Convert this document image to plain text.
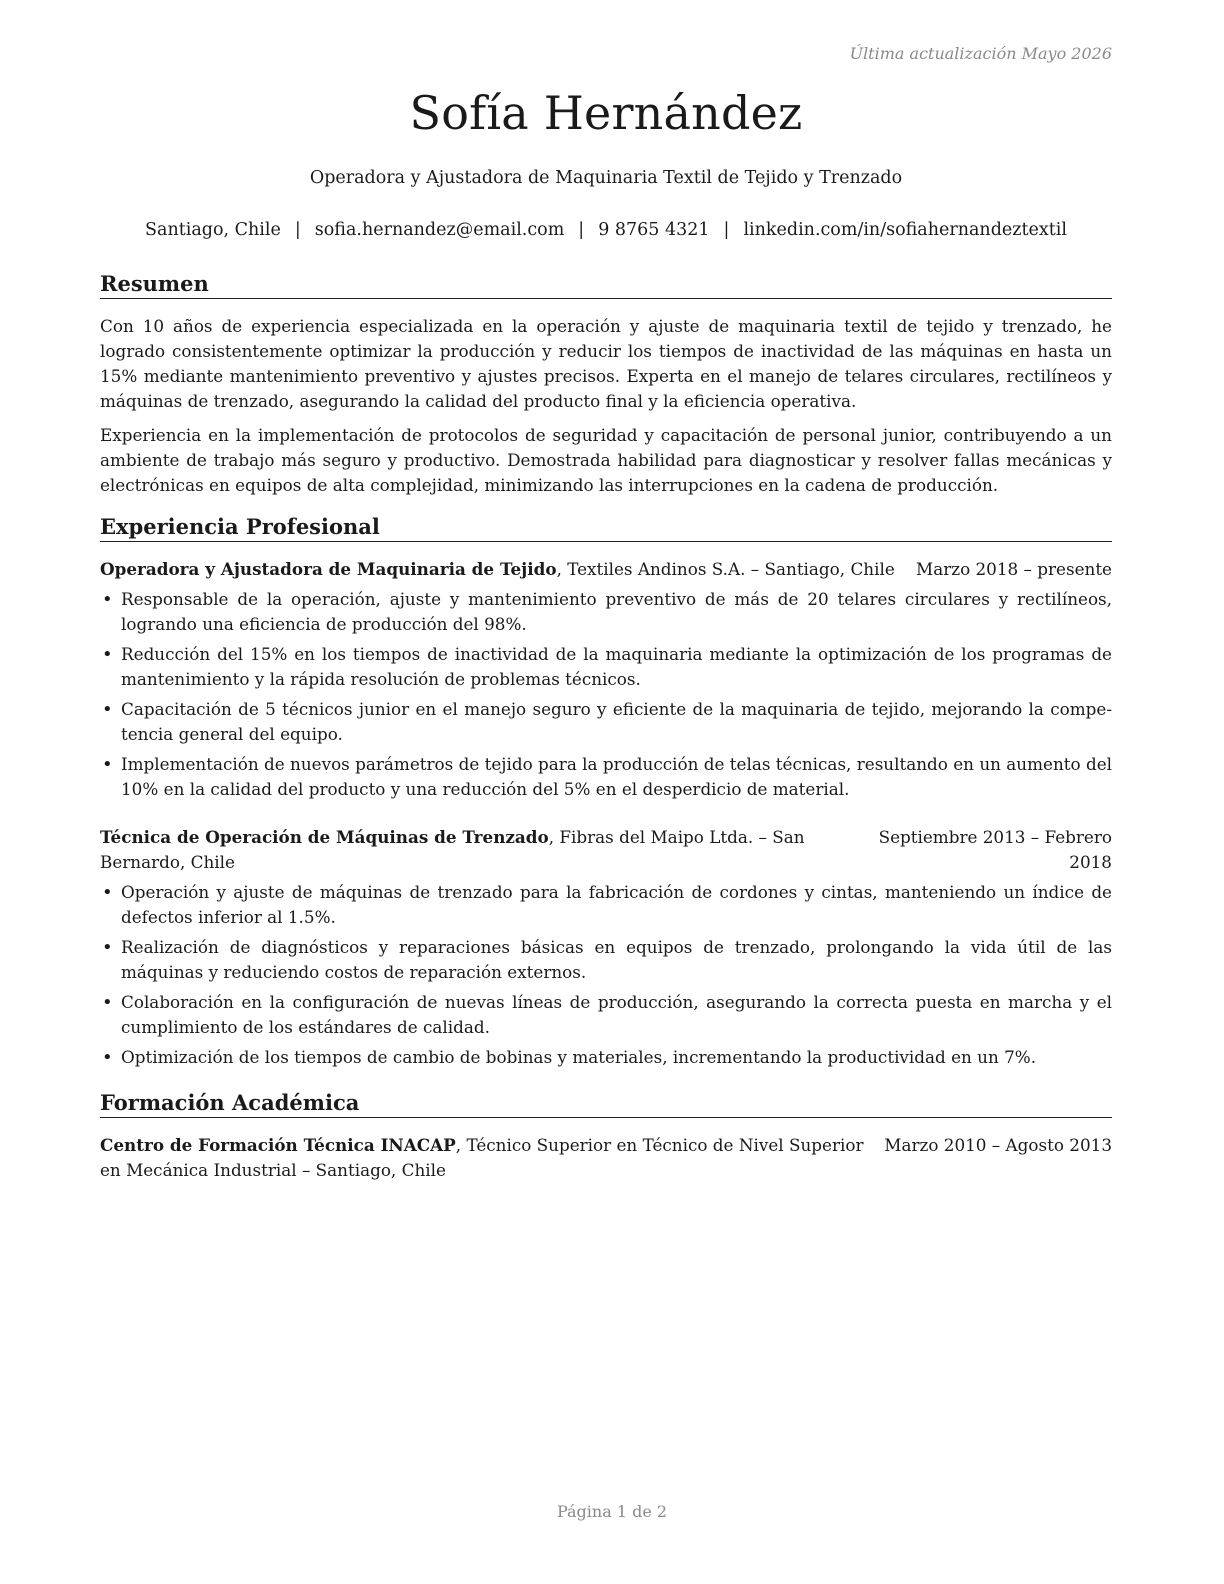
Última actualización Mayo 2026
Sofía Hernández
Operadora y Ajustadora de Maquinaria Textil de Tejido y Trenzado
Santiago, Chile | sofia.hernandez@email.com | 9 8765 4321 | linkedin.com/in/sofiahernandeztextil
Resumen

Con 10 años de experiencia especializada en la operación y ajuste de maquinaria textil de tejido y trenzado, he logrado consistentemente optimizar la producción y reducir los tiempos de inactividad de las máquinas en hasta un 15% mediante mantenimiento preventivo y ajustes precisos. Experta en el manejo de telares circulares, rectilíneos y máquinas de trenzado, asegurando la calidad del producto final y la eficiencia operativa.

Experiencia en la implementación de protocolos de seguridad y capacitación de personal junior, contribuyendo a un ambiente de trabajo más seguro y productivo. Demostrada habilidad para diagnosticar y resolver fallas mecánicas y electrónicas en equipos de alta complejidad, minimizando las interrupciones en la cadena de producción.

Experiencia Profesional
Operadora y Ajustadora de Maquinaria de Tejido, Textiles Andinos S.A. – Santiago, Chile Marzo 2018 – presente
• Responsable de la operación, ajuste y mantenimiento preventivo de más de 20 telares circulares y rectilíneos, logrando una eficiencia de producción del 98%.
• Reducción del 15% en los tiempos de inactividad de la maquinaria mediante la optimización de los programas de mantenimiento y la rápida resolución de problemas técnicos.
• Capacitación de 5 técnicos junior en el manejo seguro y eficiente de la maquinaria de tejido, mejorando la compe-tencia general del equipo.
• Implementación de nuevos parámetros de tejido para la producción de telas técnicas, resultando en un aumento del 10% en la calidad del producto y una reducción del 5% en el desperdicio de material.
Técnica de Operación de Máquinas de Trenzado, Fibras del Maipo Ltda. – San Bernardo, Chile
Septiembre 2013 – Febrero 2018
• Operación y ajuste de máquinas de trenzado para la fabricación de cordones y cintas, manteniendo un índice de defectos inferior al 1.5%.
• Realización de diagnósticos y reparaciones básicas en equipos de trenzado, prolongando la vida útil de las máquinas y reduciendo costos de reparación externos.
• Colaboración en la configuración de nuevas líneas de producción, asegurando la correcta puesta en marcha y el cumplimiento de los estándares de calidad.
• Optimización de los tiempos de cambio de bobinas y materiales, incrementando la productividad en un 7%.
Formación Académica
Centro de Formación Técnica INACAP, Técnico Superior en Técnico de Nivel Superior en Mecánica Industrial – Santiago, Chile
Marzo 2010 – Agosto 2013
Página 1 de 2
